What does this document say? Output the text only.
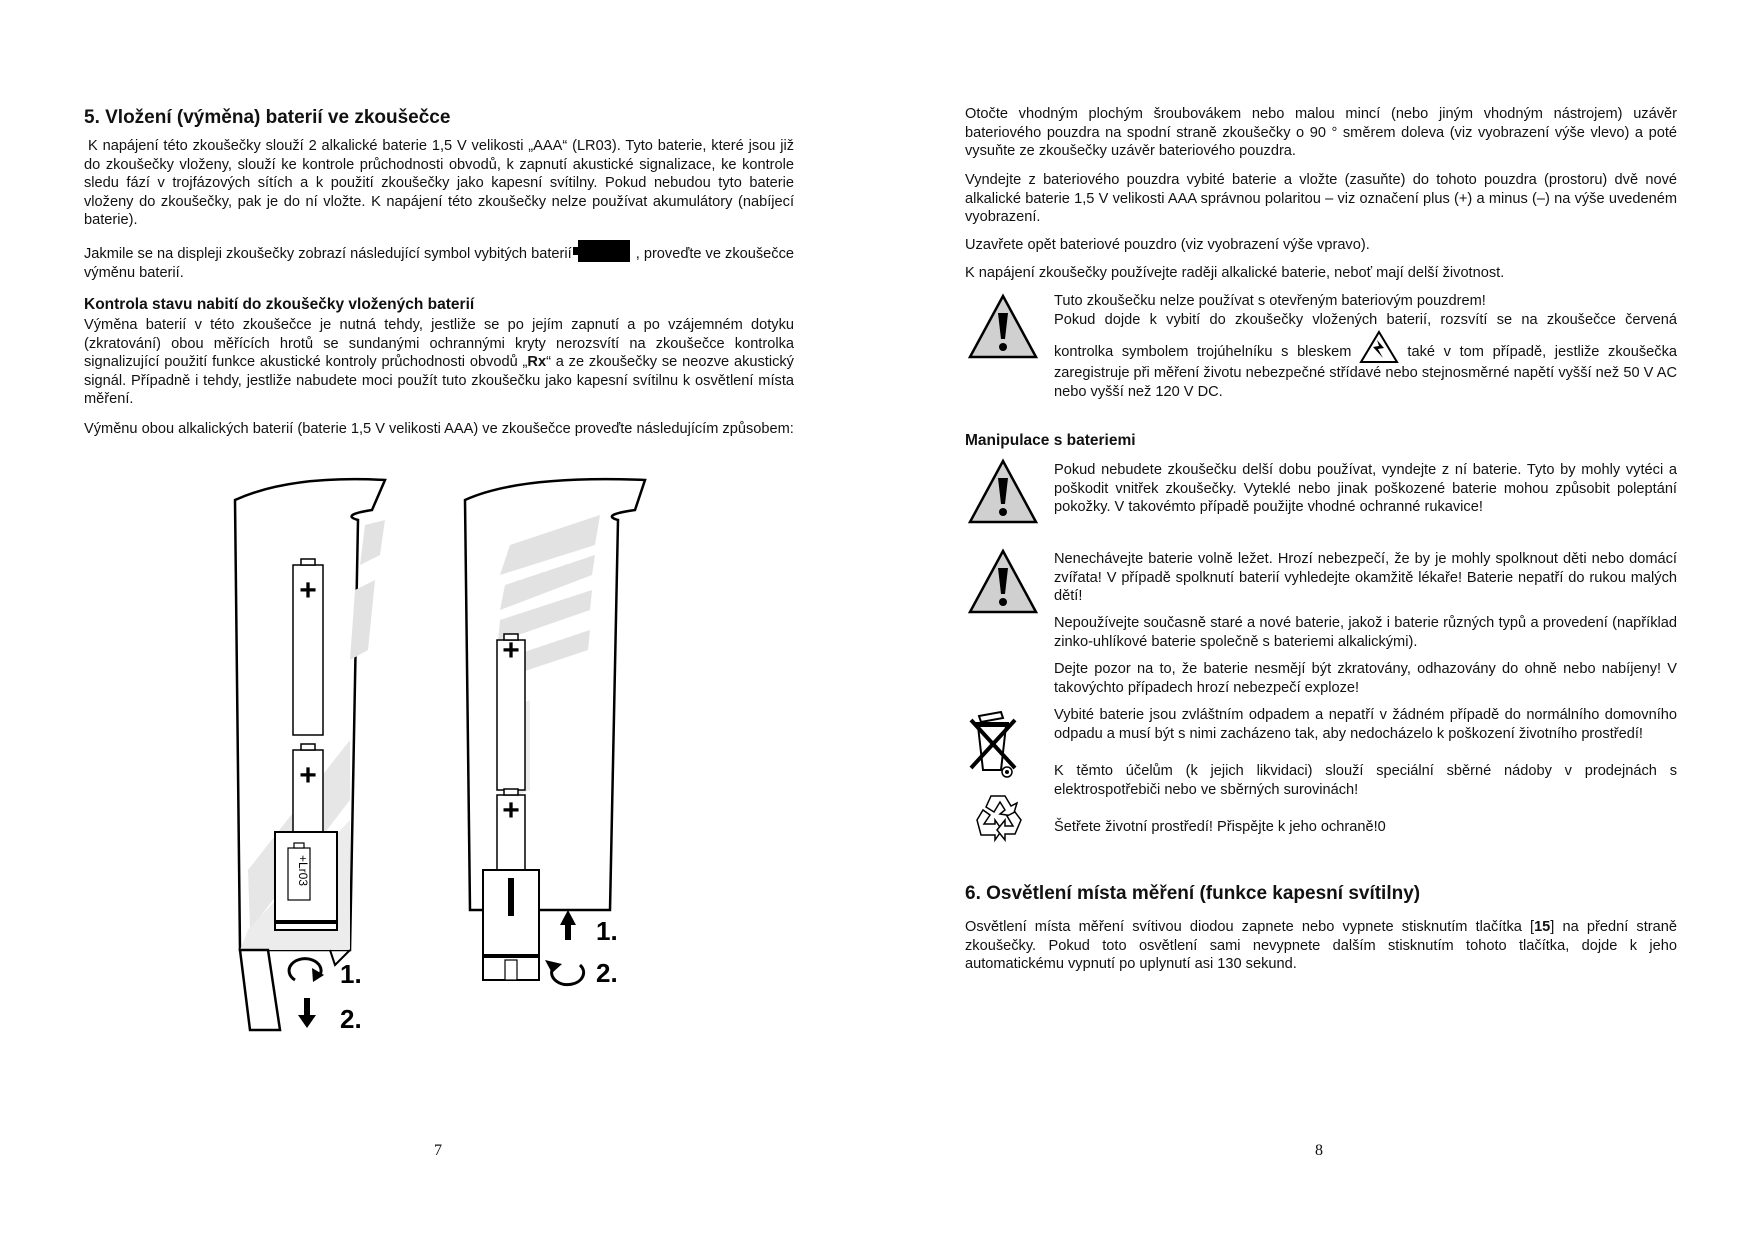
5. Vložení (výměna) baterií ve zkoušečce

K napájení této zkoušečky slouží 2 alkalické baterie 1,5 V velikosti „AAA“ (LR03). Tyto baterie, které jsou již do zkoušečky vloženy, slouží ke kontrole průchodnosti obvodů, k zapnutí akustické signalizace, ke kontrole sledu fází v trojfázových sítích a k použití zkoušečky jako kapesní svítilny. Pokud nebudou tyto baterie vloženy do zkoušečky, pak je do ní vložte. K napájení této zkoušečky nelze používat akumulátory (nabíjecí baterie).

Jakmile se na displeji zkoušečky zobrazí následující symbol vybitých baterií	, proveďte ve zkoušečce výměnu baterií.

Kontrola stavu nabití do zkoušečky vložených baterií

Výměna baterií v této zkoušečce je nutná tehdy, jestliže se po jejím zapnutí a po vzájemném dotyku (zkratování) obou měřících hrotů se sundanými ochrannými kryty nerozsvítí na zkoušečce kontrolka signalizující použití funkce akustické kontroly průchodnosti obvodů „Rx“ a ze zkoušečky se neozve akustický signál. Případně i tehdy, jestliže nabudete moci použít tuto zkoušečku jako kapesní svítilnu k osvětlení místa měření.

Výměnu obou alkalických baterií (baterie 1,5 V velikosti AAA) ve zkoušečce proveďte následujícím způsobem:

+
+
+Lr03
1.
2.
+
+
1.
2.
7

Otočte vhodným plochým šroubovákem nebo malou mincí (nebo jiným vhodným nástrojem) uzávěr bateriového pouzdra na spodní straně zkoušečky o 90 ° směrem doleva (viz vyobrazení výše vlevo) a poté vysuňte ze zkoušečky uzávěr bateriového pouzdra.

Vyndejte z bateriového pouzdra vybité baterie a vložte (zasuňte) do tohoto pouzdra (prostoru) dvě nové alkalické baterie 1,5 V velikosti AAA správnou polaritou – viz označení plus (+) a minus (–) na výše uvedeném vyobrazení.

Uzavřete opět bateriové pouzdro (viz vyobrazení výše vpravo).

K napájení zkoušečky používejte raději alkalické baterie, neboť mají delší životnost.

Tuto zkoušečku nelze používat s otevřeným bateriovým pouzdrem!

Pokud dojde k vybití do zkoušečky vložených baterií, rozsvítí se na zkoušečce červená kontrolka symbolem trojúhelníku s bleskem	také v tom případě, jestliže zkoušečka zaregistruje při měření životu nebezpečné střídavé nebo stejnosměrné napětí vyšší než 50 V AC nebo vyšší než 120 V DC.

Manipulace s bateriemi

Pokud nebudete zkoušečku delší dobu používat, vyndejte z ní baterie. Tyto by mohly vytéci a poškodit vnitřek zkoušečky. Vyteklé nebo jinak poškozené baterie mohou způsobit poleptání pokožky. V takovémto případě použijte vhodné ochranné rukavice!

Nenechávejte baterie volně ležet. Hrozí nebezpečí, že by je mohly spolknout děti nebo domácí zvířata! V případě spolknutí baterií vyhledejte okamžitě lékaře! Baterie nepatří do rukou malých dětí!

Nepoužívejte současně staré a nové baterie, jakož i baterie různých typů a provedení (například zinko-uhlíkové baterie společně s bateriemi alkalickými).

Dejte pozor na to, že baterie nesmějí být zkratovány, odhazovány do ohně nebo nabíjeny! V takovýchto případech hrozí nebezpečí exploze!

Vybité baterie jsou zvláštním odpadem a nepatří v žádném případě do normálního domovního odpadu a musí být s nimi zacházeno tak, aby nedocházelo k poškození životního prostředí!

K těmto účelům (k jejich likvidaci) slouží speciální sběrné nádoby v prodejnách s elektrospotřebiči nebo ve sběrných surovinách!

Šetřete životní prostředí! Přispějte k jeho ochraně!0

6. Osvětlení místa měření (funkce kapesní svítilny)

Osvětlení místa měření svítivou diodou zapnete nebo vypnete stisknutím tlačítka [15] na přední straně zkoušečky. Pokud toto osvětlení sami nevypnete dalším stisknutím tohoto tlačítka, dojde k jeho automatickému vypnutí po uplynutí asi 130 sekund.

8
